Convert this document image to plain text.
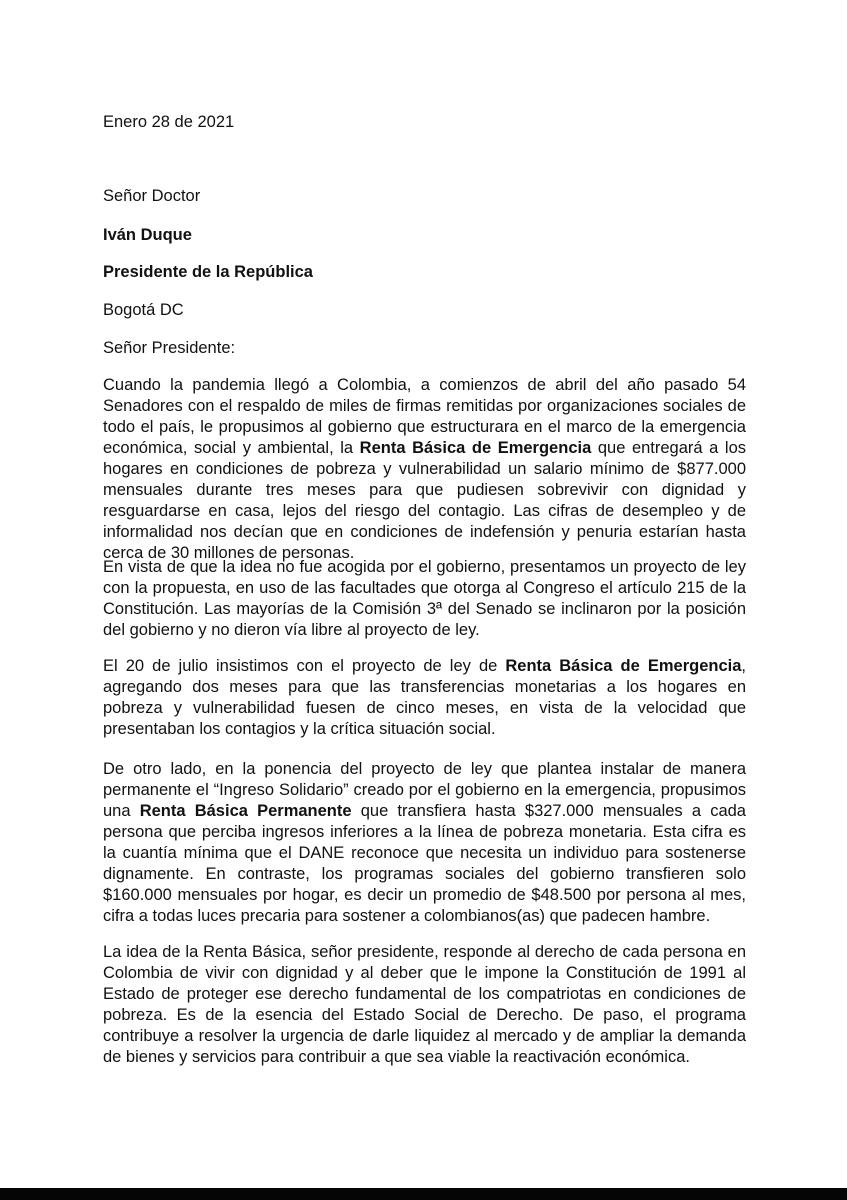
Enero 28 de 2021

Señor Doctor

Iván Duque

Presidente de la República

Bogotá DC

Señor Presidente:

Cuando la pandemia llegó a Colombia, a comienzos de abril del año pasado 54 Senadores con el respaldo de miles de firmas remitidas por organizaciones sociales de todo el país, le propusimos al gobierno que estructurara en el marco de la emergencia económica, social y ambiental, la Renta Básica de Emergencia que entregará a los hogares en condiciones de pobreza y vulnerabilidad un salario mínimo de $877.000 mensuales durante tres meses para que pudiesen sobrevivir con dignidad y resguardarse en casa, lejos del riesgo del contagio. Las cifras de desempleo y de informalidad nos decían que en condiciones de indefensión y penuria estarían hasta cerca de 30 millones de personas.

En vista de que la idea no fue acogida por el gobierno, presentamos un proyecto de ley con la propuesta, en uso de las facultades que otorga al Congreso el artículo 215 de la Constitución. Las mayorías de la Comisión 3ª del Senado se inclinaron por la posición del gobierno y no dieron vía libre al proyecto de ley.

El 20 de julio insistimos con el proyecto de ley de Renta Básica de Emergencia, agregando dos meses para que las transferencias monetarias a los hogares en pobreza y vulnerabilidad fuesen de cinco meses, en vista de la velocidad que presentaban los contagios y la crítica situación social.

De otro lado, en la ponencia del proyecto de ley que plantea instalar de manera permanente el “Ingreso Solidario” creado por el gobierno en la emergencia, propusimos una Renta Básica Permanente que transfiera hasta $327.000 mensuales a cada persona que perciba ingresos inferiores a la línea de pobreza monetaria. Esta cifra es la cuantía mínima que el DANE reconoce que necesita un individuo para sostenerse dignamente. En contraste, los programas sociales del gobierno transfieren solo $160.000 mensuales por hogar, es decir un promedio de $48.500 por persona al mes, cifra a todas luces precaria para sostener a colombianos(as) que padecen hambre.

La idea de la Renta Básica, señor presidente, responde al derecho de cada persona en Colombia de vivir con dignidad y al deber que le impone la Constitución de 1991 al Estado de proteger ese derecho fundamental de los compatriotas en condiciones de pobreza. Es de la esencia del Estado Social de Derecho. De paso, el programa contribuye a resolver la urgencia de darle liquidez al mercado y de ampliar la demanda de bienes y servicios para contribuir a que sea viable la reactivación económica.
